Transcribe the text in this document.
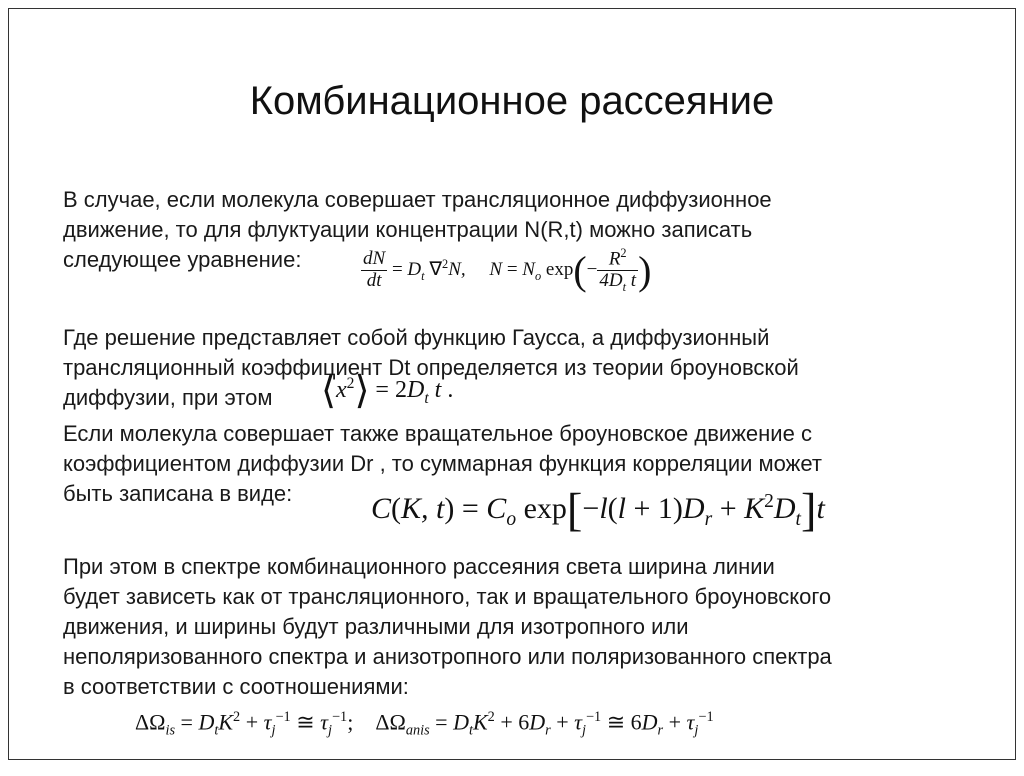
Комбинационное рассеяние

В случае, если молекула совершает трансляционное диффузионное
движение, то для флуктуации концентрации N(R,t) можно записать
следующее уравнение:	$\frac{dN}{dt} = D_t$ ∇$^2$N,     $N = N_o$ $\exp(- \frac{R^2}{4D_t t}$ )

Где решение представляет собой функцию Гаусса, а диффузионный
трансляционный коэффициент Dt определяется из теории броуновской
диффузии, при этом	$⟨x^2⟩ = 2D_t$ t .

Если молекула совершает также вращательное броуновское движение с
коэффициентом диффузии Dr , то суммарная функция корреляции может
быть записана в виде:	C(K, $t) = C_o$ $\exp[-l(l + 1)D_r + K^2D_t]t$

При этом в спектре комбинационного рассеяния света ширина линии
будет зависеть как от трансляционного, так и вращательного броуновского
движения, и ширины будут различными для изотропного или
неполяризованного спектра и анизотропного или поляризованного спектра
в соответствии с соотношениями:

$\Delta\Omega_{is} = D_tK^2 + \tau_j^{-1}$ ≅ $\tau_j^{-1}$; $\Delta\Omega_{anis} = D_tK^2 + 6D_r + \tau_j^{-1}$ ≅ $6D_r + \tau_j^{-1}$
